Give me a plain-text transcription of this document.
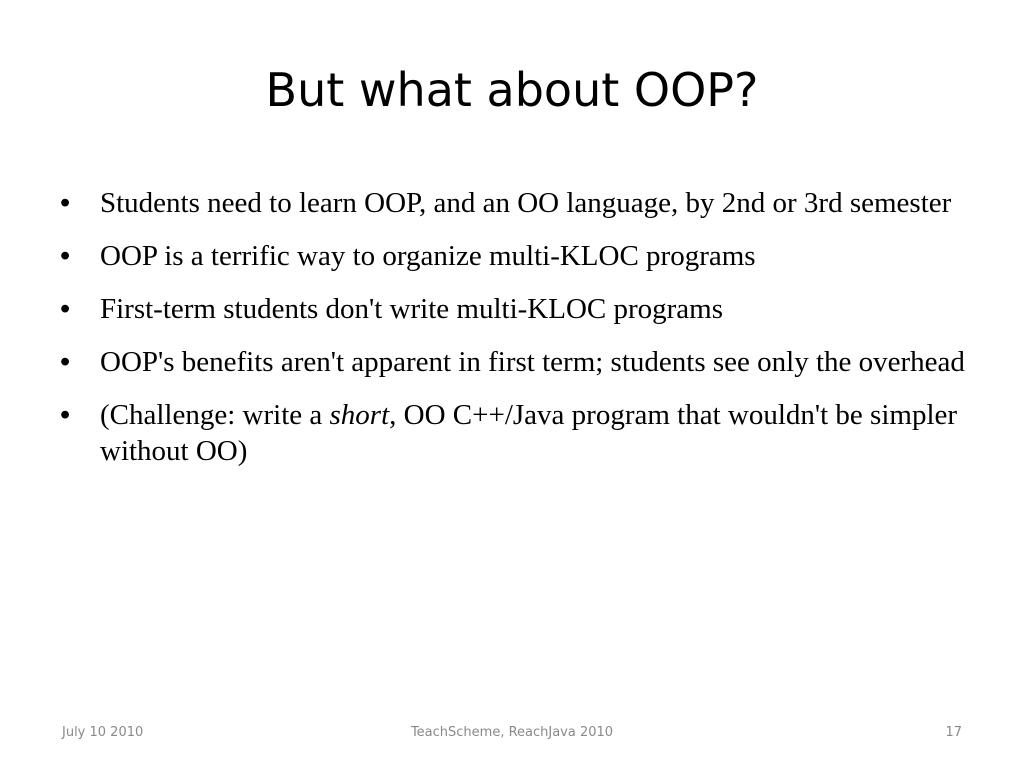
But what about OOP?
•	Students need to learn OOP, and an OO language, by 2nd or 3rd semester
•	OOP is a terrific way to organize multi-KLOC programs
•	First-term students don't write multi-KLOC programs
•	OOP's benefits aren't apparent in first term; students see only the overhead
•	(Challenge: write a short, OO C++/Java program that wouldn't be simpler without OO)
July 10 2010	TeachScheme, ReachJava 2010	17
